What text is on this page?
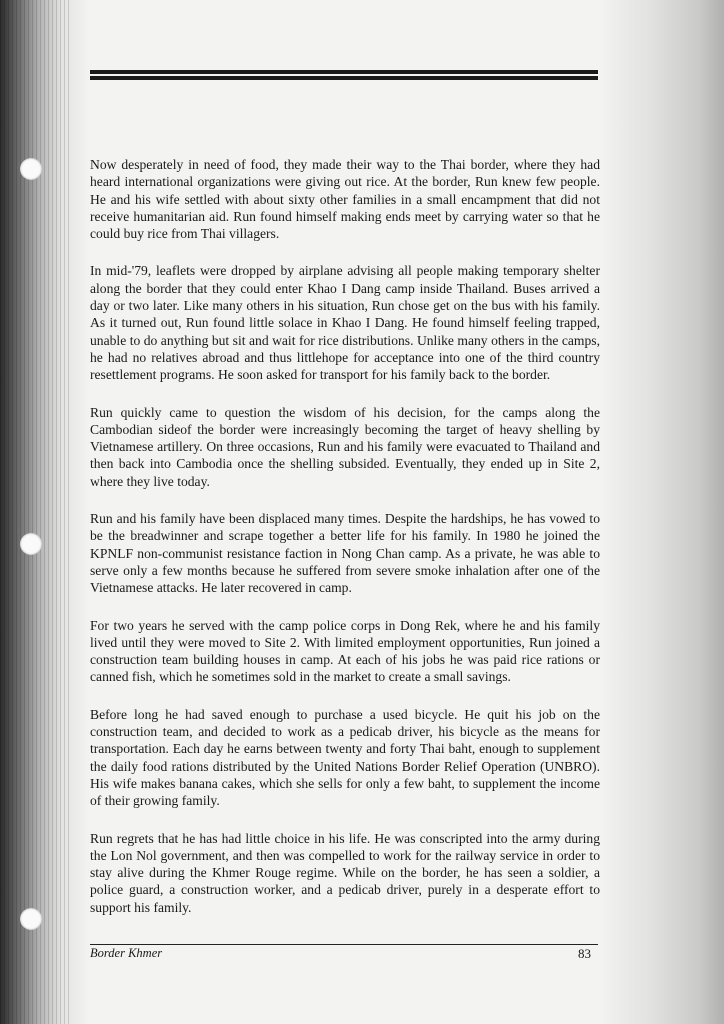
Now desperately in need of food, they made their way to the Thai border, where they had heard international organizations were giving out rice. At the border, Run knew few people. He and his wife settled with about sixty other families in a small encampment that did not receive humanitarian aid. Run found himself making ends meet by carrying water so that he could buy rice from Thai villagers.

In mid-'79, leaflets were dropped by airplane advising all people making temporary shelter along the border that they could enter Khao I Dang camp inside Thailand. Buses arrived a day or two later. Like many others in his situation, Run chose get on the bus with his family. As it turned out, Run found little solace in Khao I Dang. He found himself feeling trapped, unable to do anything but sit and wait for rice distributions. Unlike many others in the camps, he had no relatives abroad and thus littlehope for acceptance into one of the third country resettlement programs. He soon asked for transport for his family back to the border.

Run quickly came to question the wisdom of his decision, for the camps along the Cambodian sideof the border were increasingly becoming the target of heavy shelling by Vietnamese artillery. On three occasions, Run and his family were evacuated to Thailand and then back into Cambodia once the shelling subsided. Eventually, they ended up in Site 2, where they live today.

Run and his family have been displaced many times. Despite the hardships, he has vowed to be the breadwinner and scrape together a better life for his family. In 1980 he joined the KPNLF non-communist resistance faction in Nong Chan camp. As a private, he was able to serve only a few months because he suffered from severe smoke inhalation after one of the Vietnamese attacks. He later recovered in camp.

For two years he served with the camp police corps in Dong Rek, where he and his family lived until they were moved to Site 2. With limited employment opportunities, Run joined a construction team building houses in camp. At each of his jobs he was paid rice rations or canned fish, which he sometimes sold in the market to create a small savings.

Before long he had saved enough to purchase a used bicycle. He quit his job on the construction team, and decided to work as a pedicab driver, his bicycle as the means for transportation. Each day he earns between twenty and forty Thai baht, enough to supplement the daily food rations distributed by the United Nations Border Relief Operation (UNBRO). His wife makes banana cakes, which she sells for only a few baht, to supplement the income of their growing family.

Run regrets that he has had little choice in his life. He was conscripted into the army during the Lon Nol government, and then was compelled to work for the railway service in order to stay alive during the Khmer Rouge regime. While on the border, he has seen a soldier, a police guard, a construction worker, and a pedicab driver, purely in a desperate effort to support his family.

Border Khmer	83
